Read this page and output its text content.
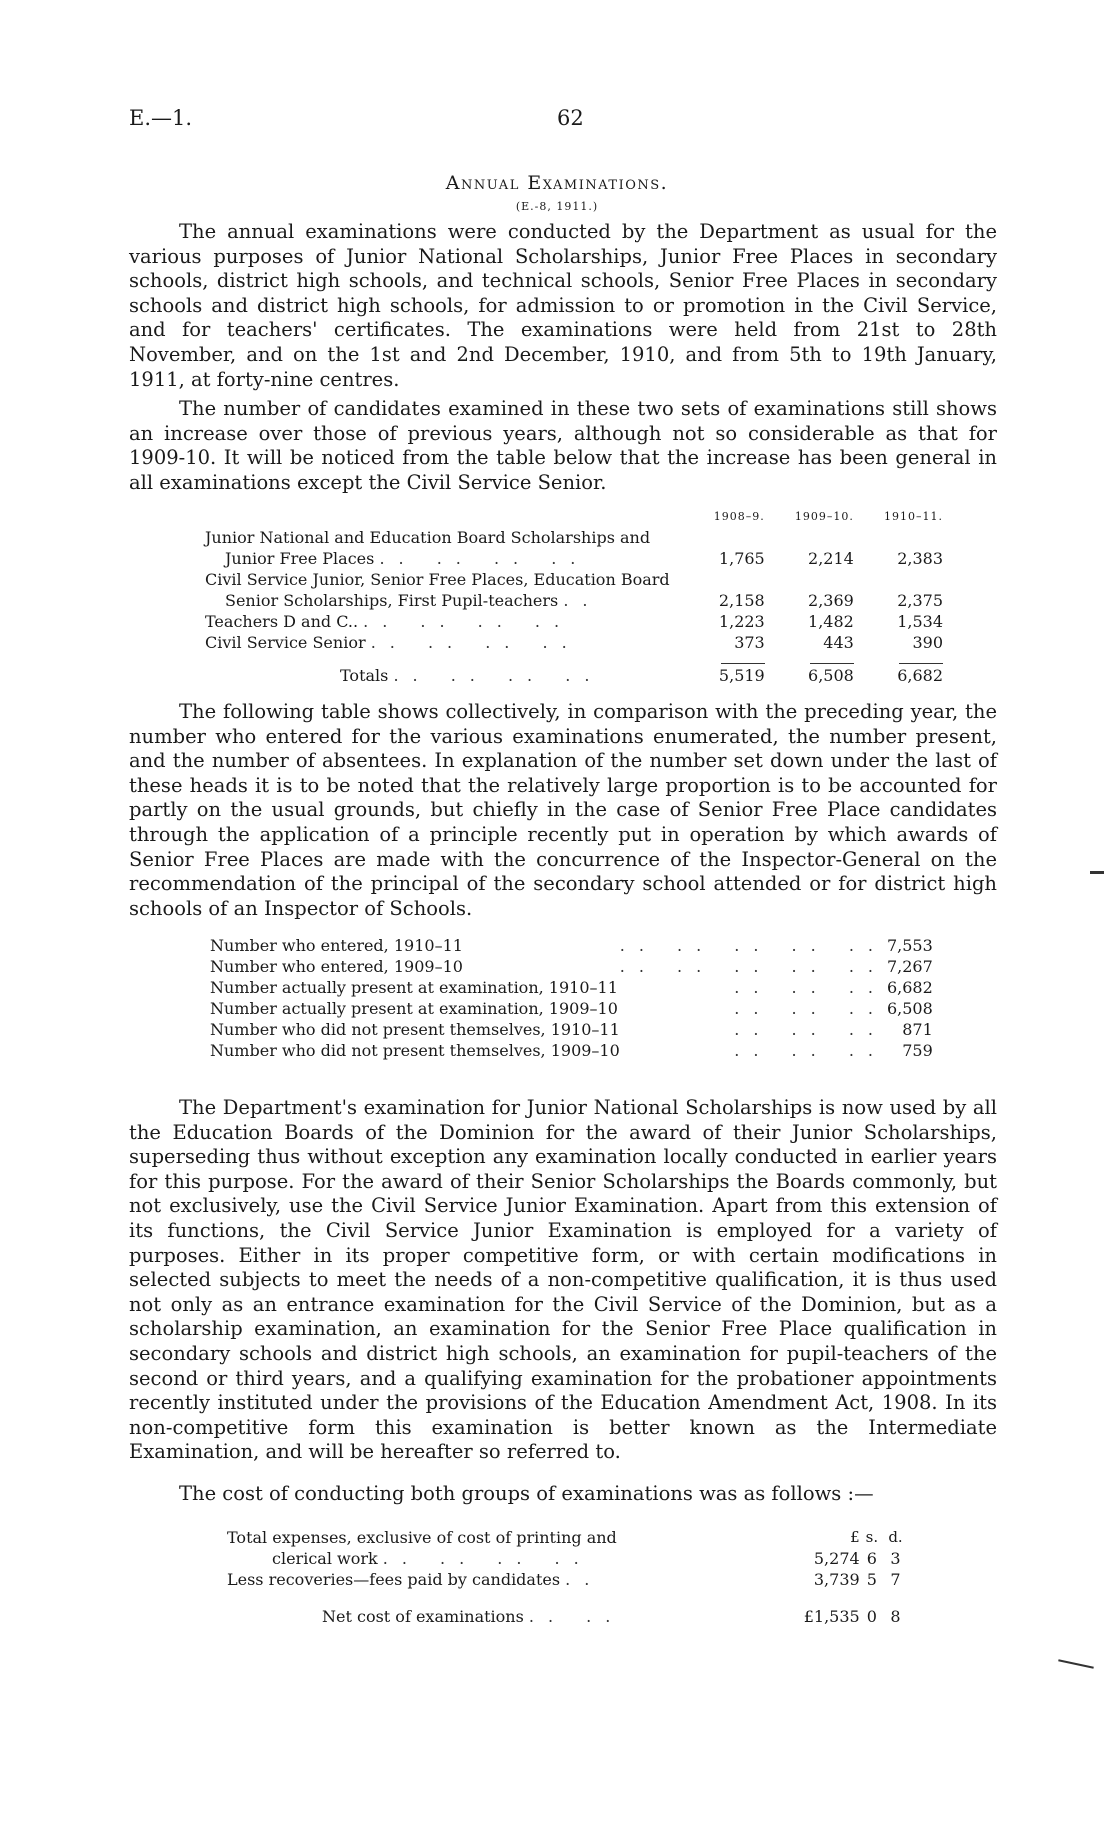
E.—1.	62
Annual Examinations.
(E.-8, 1911.)
The annual examinations were conducted by the Department as usual for the various purposes of Junior National Scholarships, Junior Free Places in secondary schools, district high schools, and technical schools, Senior Free Places in secondary schools and district high schools, for admission to or promotion in the Civil Service, and for teachers' certificates. The examinations were held from 21st to 28th November, and on the 1st and 2nd December, 1910, and from 5th to 19th January, 1911, at forty-nine centres.
The number of candidates examined in these two sets of examinations still shows an increase over those of previous years, although not so considerable as that for 1909-10. It will be noticed from the table below that the increase has been general in all examinations except the Civil Service Senior.
	1908–9.	1909–10.	1910–11.
Junior National and Education Board Scholarships and			
Junior Free Places .. .. .. ..	1,765	2,214	2,383
Civil Service Junior, Senior Free Places, Education Board			
Senior Scholarships, First Pupil-teachers ..	2,158	2,369	2,375
Teachers D and C.. .. .. .. ..	1,223	1,482	1,534
Civil Service Senior .. .. .. ..	373	443	390

Totals .. .. .. ..	5,519	6,508	6,682
The following table shows collectively, in comparison with the preceding year, the number who entered for the various examinations enumerated, the number present, and the number of absentees. In explanation of the number set down under the last of these heads it is to be noted that the relatively large proportion is to be accounted for partly on the usual grounds, but chiefly in the case of Senior Free Place candidates through the application of a principle recently put in operation by which awards of Senior Free Places are made with the concurrence of the Inspector-General on the recommendation of the principal of the secondary school attended or for district high schools of an Inspector of Schools.
Number who entered, 1910–11	.. .. .. .. ..	7,553
Number who entered, 1909–10	.. .. .. .. ..	7,267
Number actually present at examination, 1910–11	.. .. ..	6,682
Number actually present at examination, 1909–10	.. .. ..	6,508
Number who did not present themselves, 1910–11	.. .. ..	871
Number who did not present themselves, 1909–10	.. .. ..	759
The Department's examination for Junior National Scholarships is now used by all the Education Boards of the Dominion for the award of their Junior Scholarships, superseding thus without exception any examination locally conducted in earlier years for this purpose. For the award of their Senior Scholarships the Boards commonly, but not exclusively, use the Civil Service Junior Examination. Apart from this extension of its functions, the Civil Service Junior Examination is employed for a variety of purposes. Either in its proper competitive form, or with certain modifications in selected subjects to meet the needs of a non-competitive qualification, it is thus used not only as an entrance examination for the Civil Service of the Dominion, but as a scholarship examination, an examination for the Senior Free Place qualification in secondary schools and district high schools, an examination for pupil-teachers of the second or third years, and a qualifying examination for the probationer appointments recently instituted under the provisions of the Education Amendment Act, 1908. In its non-competitive form this examination is better known as the Intermediate Examination, and will be hereafter so referred to.
The cost of conducting both groups of examinations was as follows :—
Total expenses, exclusive of cost of printing and	£	s.	d.
clerical work .. .. .. ..	5,274	6	3
Less recoveries—fees paid by candidates ..	3,739	5	7

Net cost of examinations .. ..	£1,535	0	8
